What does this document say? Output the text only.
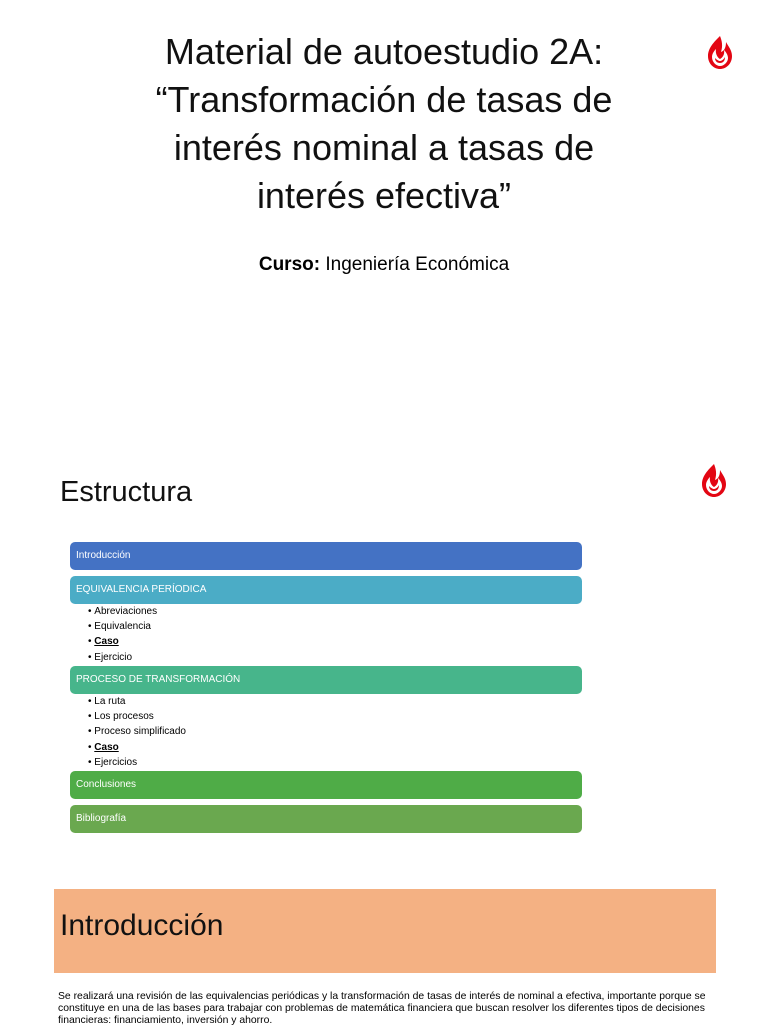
Material de autoestudio 2A:
“Transformación de tasas de
interés nominal a tasas de
interés efectiva”
Curso: Ingeniería Económica
Estructura
Introducción
EQUIVALENCIA PERÍODICA
• Abreviaciones
• Equivalencia
• Caso
• Ejercicio
PROCESO DE TRANSFORMACIÓN
• La ruta
• Los procesos
• Proceso simplificado
• Caso
• Ejercicios
Conclusiones
Bibliografía
Introducción

Se realizará una revisión de las equivalencias periódicas y la transformación de tasas de interés de nominal a efectiva, importante porque se constituye en una de las bases para trabajar con problemas de matemática financiera que buscan resolver los diferentes tipos de decisiones financieras: financiamiento, inversión y ahorro.
